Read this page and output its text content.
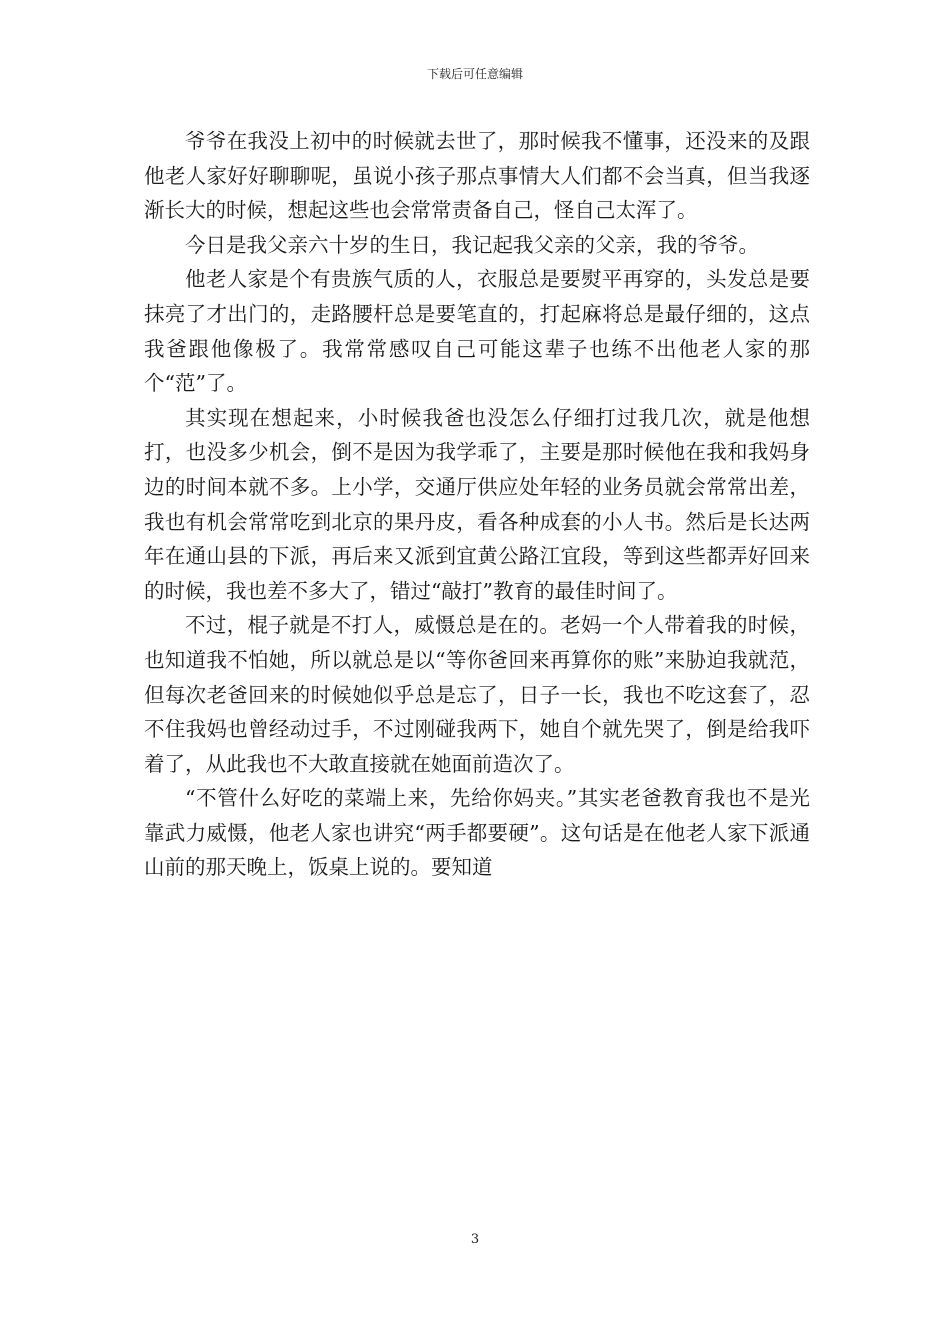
下载后可任意编辑

爷爷在我没上初中的时候就去世了，那时候我不懂事，还没来的及跟他老人家好好聊聊呢，虽说小孩子那点事情大人们都不会当真，但当我逐渐长大的时候，想起这些也会常常责备自己，怪自己太浑了。

今日是我父亲六十岁的生日，我记起我父亲的父亲，我的爷爷。

他老人家是个有贵族气质的人，衣服总是要熨平再穿的，头发总是要抹亮了才出门的，走路腰杆总是要笔直的，打起麻将总是最仔细的，这点我爸跟他像极了。我常常感叹自己可能这辈子也练不出他老人家的那个“范”了。

其实现在想起来，小时候我爸也没怎么仔细打过我几次，就是他想打，也没多少机会，倒不是因为我学乖了，主要是那时候他在我和我妈身边的时间本就不多。上小学，交通厅供应处年轻的业务员就会常常出差，我也有机会常常吃到北京的果丹皮，看各种成套的小人书。然后是长达两年在通山县的下派，再后来又派到宜黄公路江宜段，等到这些都弄好回来的时候，我也差不多大了，错过“敲打”教育的最佳时间了。

不过，棍子就是不打人，威慑总是在的。老妈一个人带着我的时候，也知道我不怕她，所以就总是以“等你爸回来再算你的账”来胁迫我就范，但每次老爸回来的时候她似乎总是忘了，日子一长，我也不吃这套了，忍不住我妈也曾经动过手，不过刚碰我两下，她自个就先哭了，倒是给我吓着了，从此我也不大敢直接就在她面前造次了。

“不管什么好吃的菜端上来，先给你妈夹。”其实老爸教育我也不是光靠武力威慑，他老人家也讲究“两手都要硬”。这句话是在他老人家下派通山前的那天晚上，饭桌上说的。要知道

3
